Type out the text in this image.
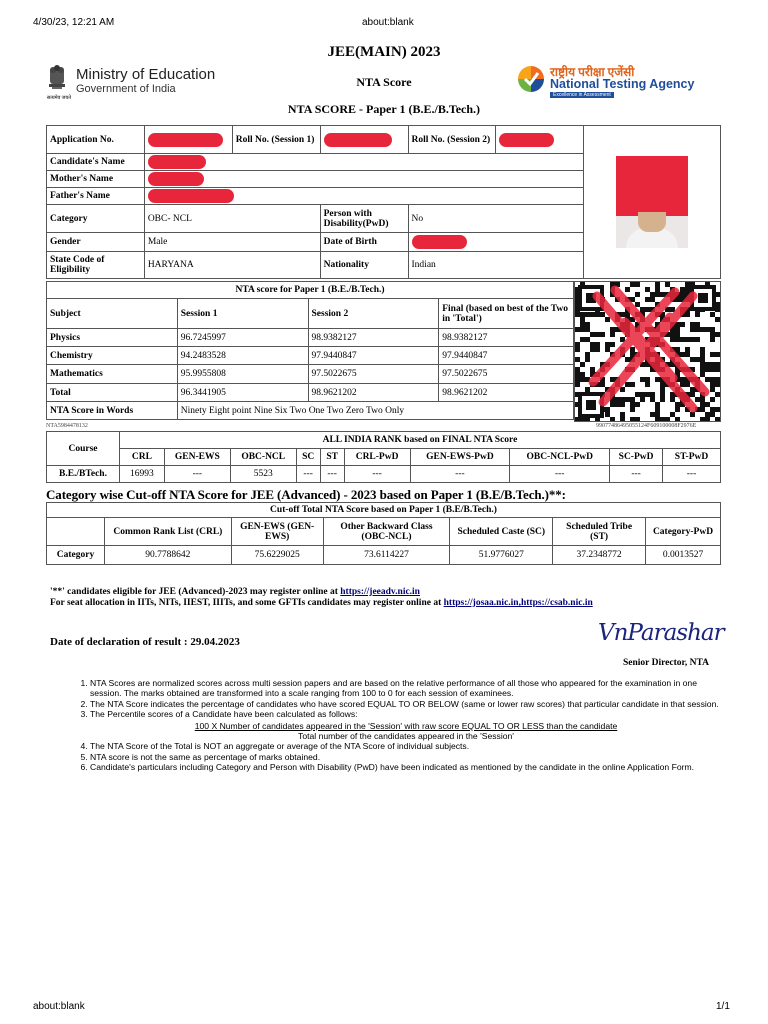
4/30/23, 12:21 AM	about:blank
सत्यमेव जयते
Ministry of Education
Government of India
JEE(MAIN) 2023
NTA Score
NTA SCORE - Paper 1 (B.E./B.Tech.)
राष्ट्रीय परीक्षा एजेंसी
National Testing Agency
Excellence in Assessment
Application No.		Roll No. (Session 1)		Roll No. (Session 2)		

Candidate's Name						
Mother's Name						
Father's Name						
Category	OBC- NCL		Person with Disability(PwD)	No		
Gender	Male		Date of Birth			
State Code of Eligibility	HARYANA		Nationality	Indian		
NTA score for Paper 1 (B.E./B.Tech.)			
Subject	Session 1	Session 2	Final (based on best of the Two in 'Total')
Physics	96.7245997	98.9382127	98.9382127
Chemistry	94.2483528	97.9440847	97.9440847
Mathematics	95.9955808	97.5022675	97.5022675
Total	96.3441905	98.9621202	98.9621202
NTA Score in Words	Ninety Eight point Nine Six Two One Two Zero Two Only		
NTA5984478132	99077486495055124F609100008F2976E
Course	ALL INDIA RANK based on FINAL NTA Score									
	CRL	GEN-EWS	OBC-NCL	SC	ST	CRL-PwD	GEN-EWS-PwD	OBC-NCL-PwD	SC-PwD	ST-PwD
B.E./BTech.	16993	---	5523	---	---	---	---	---	---	---
Category wise Cut-off NTA Score for JEE (Advanced) - 2023 based on Paper 1 (B.E/B.Tech.)**:
Cut-off Total NTA Score based on Paper 1 (B.E/B.Tech.)						
	Common Rank List (CRL)	GEN-EWS (GEN-EWS)	Other Backward Class (OBC-NCL)	Scheduled Caste (SC)	Scheduled Tribe (ST)	Category-PwD
Category	90.7788642	75.6229025	73.6114227	51.9776027	37.2348772	0.0013527
'**' candidates eligible for JEE (Advanced)-2023 may register online at https://jeeadv.nic.in
For seat allocation in IITs, NITs, IIEST, IIITs, and some GFTIs candidates may register online at https://josaa.nic.in,https://csab.nic.in
Date of declaration of result : 29.04.2023	VnParashar
Senior Director, NTA
1. NTA Scores are normalized scores across multi session papers and are based on the relative performance of all those who appeared for the examination in one session. The marks obtained are transformed into a scale ranging from 100 to 0 for each session of examinees.
2. The NTA Score indicates the percentage of candidates who have scored EQUAL TO OR BELOW (same or lower raw scores) that particular candidate in that session.
3. The Percentile scores of a Candidate have been calculated as follows:
100 X Number of candidates appeared in the 'Session' with raw score EQUAL TO OR LESS than the candidate
Total number of the candidates appeared in the 'Session'
4. The NTA Score of the Total is NOT an aggregate or average of the NTA Score of individual subjects.
5. NTA score is not the same as percentage of marks obtained.
6. Candidate's particulars including Category and Person with Disability (PwD) have been indicated as mentioned by the candidate in the online Application Form.
about:blank	1/1
